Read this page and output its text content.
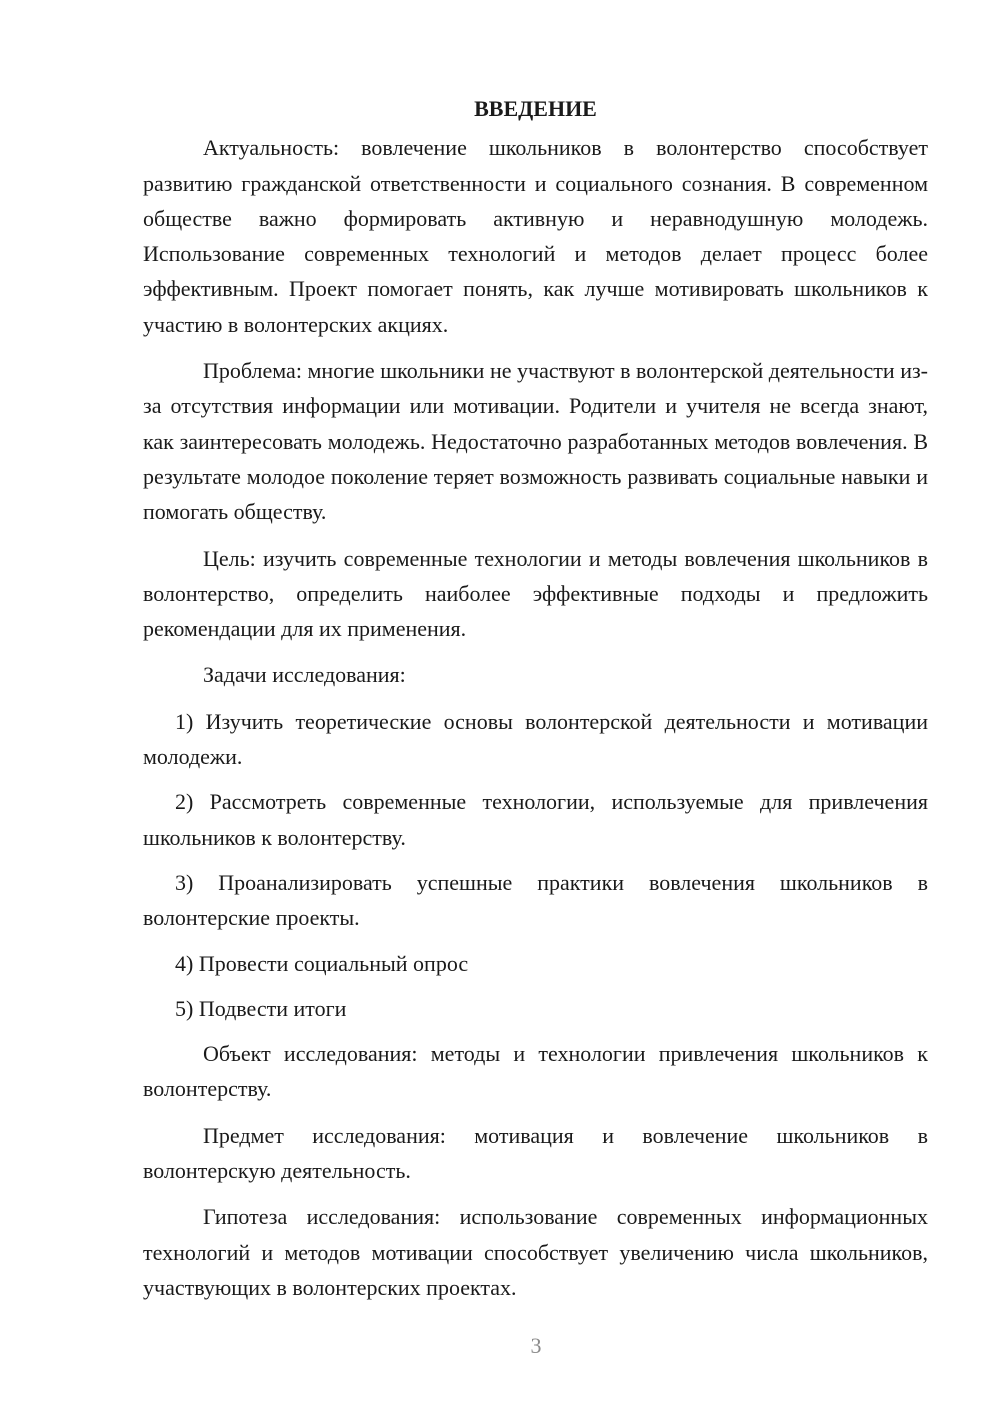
ВВЕДЕНИЕ

Актуальность: вовлечение школьников в волонтерство способствует развитию гражданской ответственности и социального сознания. В современном обществе важно формировать активную и неравнодушную молодежь. Использование современных технологий и методов делает процесс более эффективным. Проект помогает понять, как лучше мотивировать школьников к участию в волонтерских акциях.

Проблема: многие школьники не участвуют в волонтерской деятельности из-за отсутствия информации или мотивации. Родители и учителя не всегда знают, как заинтересовать молодежь. Недостаточно разработанных методов вовлечения. В результате молодое поколение теряет возможность развивать социальные навыки и помогать обществу.

Цель: изучить современные технологии и методы вовлечения школьников в волонтерство, определить наиболее эффективные подходы и предложить рекомендации для их применения.

Задачи исследования:

1) Изучить теоретические основы волонтерской деятельности и мотивации молодежи.

2) Рассмотреть современные технологии, используемые для привлечения школьников к волонтерству.

3) Проанализировать успешные практики вовлечения школьников в волонтерские проекты.

4) Провести социальный опрос

5) Подвести итоги

Объект исследования: методы и технологии привлечения школьников к волонтерству.

Предмет исследования: мотивация и вовлечение школьников в волонтерскую деятельность.

Гипотеза исследования: использование современных информационных технологий и методов мотивации способствует увеличению числа школьников, участвующих в волонтерских проектах.

3
